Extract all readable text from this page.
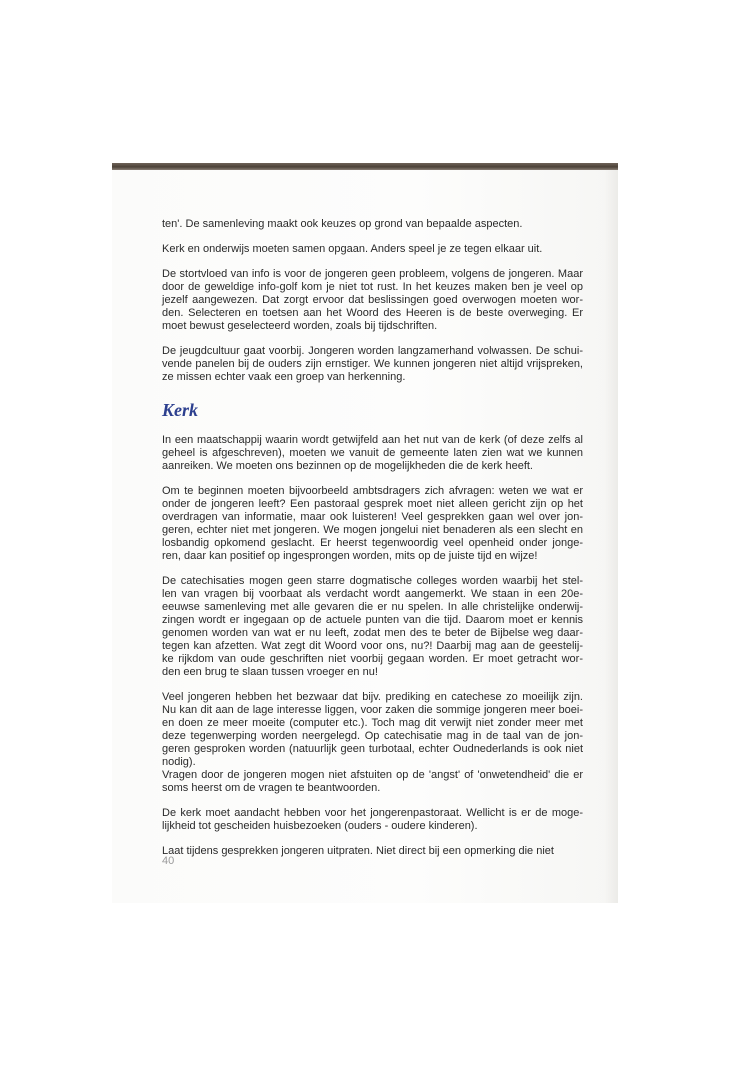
ten'. De samenleving maakt ook keuzes op grond van bepaalde aspecten.

Kerk en onderwijs moeten samen opgaan. Anders speel je ze tegen elkaar uit.

De stortvloed van info is voor de jongeren geen probleem, volgens de jongeren. Maar
door de geweldige info-golf kom je niet tot rust. In het keuzes maken ben je veel op
jezelf aangewezen. Dat zorgt ervoor dat beslissingen goed overwogen moeten wor-
den. Selecteren en toetsen aan het Woord des Heeren is de beste overweging. Er
moet bewust geselecteerd worden, zoals bij tijdschriften.

De jeugdcultuur gaat voorbij. Jongeren worden langzamerhand volwassen. De schui-
vende panelen bij de ouders zijn ernstiger. We kunnen jongeren niet altijd vrijspreken,
ze missen echter vaak een groep van herkenning.

Kerk

In een maatschappij waarin wordt getwijfeld aan het nut van de kerk (of deze zelfs al
geheel is afgeschreven), moeten we vanuit de gemeente laten zien wat we kunnen
aanreiken. We moeten ons bezinnen op de mogelijkheden die de kerk heeft.

Om te beginnen moeten bijvoorbeeld ambtsdragers zich afvragen: weten we wat er
onder de jongeren leeft? Een pastoraal gesprek moet niet alleen gericht zijn op het
overdragen van informatie, maar ook luisteren! Veel gesprekken gaan wel over jon-
geren, echter niet met jongeren. We mogen jongelui niet benaderen als een slecht en
losbandig opkomend geslacht. Er heerst tegenwoordig veel openheid onder jonge-
ren, daar kan positief op ingesprongen worden, mits op de juiste tijd en wijze!

De catechisaties mogen geen starre dogmatische colleges worden waarbij het stel-
len van vragen bij voorbaat als verdacht wordt aangemerkt. We staan in een 20e-
eeuwse samenleving met alle gevaren die er nu spelen. In alle christelijke onderwij-
zingen wordt er ingegaan op de actuele punten van die tijd. Daarom moet er kennis
genomen worden van wat er nu leeft, zodat men des te beter de Bijbelse weg daar-
tegen kan afzetten. Wat zegt dit Woord voor ons, nu?! Daarbij mag aan de geestelij-
ke rijkdom van oude geschriften niet voorbij gegaan worden. Er moet getracht wor-
den een brug te slaan tussen vroeger en nu!

Veel jongeren hebben het bezwaar dat bijv. prediking en catechese zo moeilijk zijn.
Nu kan dit aan de lage interesse liggen, voor zaken die sommige jongeren meer boei-
en doen ze meer moeite (computer etc.). Toch mag dit verwijt niet zonder meer met
deze tegenwerping worden neergelegd. Op catechisatie mag in de taal van de jon-
geren gesproken worden (natuurlijk geen turbotaal, echter Oudnederlands is ook niet
nodig).

Vragen door de jongeren mogen niet afstuiten op de 'angst' of 'onwetendheid' die er
soms heerst om de vragen te beantwoorden.

De kerk moet aandacht hebben voor het jongerenpastoraat. Wellicht is er de moge-
lijkheid tot gescheiden huisbezoeken (ouders - oudere kinderen).

Laat tijdens gesprekken jongeren uitpraten. Niet direct bij een opmerking die niet

40
